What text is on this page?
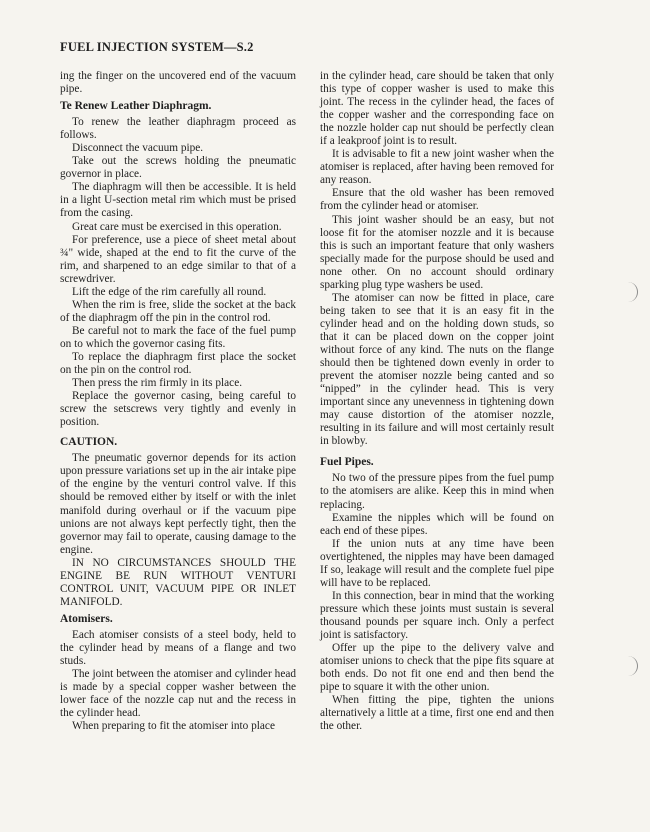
FUEL INJECTION SYSTEM—S.2

ing the finger on the uncovered end of the vacuum pipe.

Te Renew Leather Diaphragm.

To renew the leather diaphragm proceed as follows.

Disconnect the vacuum pipe.

Take out the screws holding the pneumatic governor in place.

The diaphragm will then be accessible. It is held in a light U-section metal rim which must be prised from the casing.

Great care must be exercised in this operation.

For preference, use a piece of sheet metal about ¾" wide, shaped at the end to fit the curve of the rim, and sharpened to an edge similar to that of a screwdriver.

Lift the edge of the rim carefully all round.

When the rim is free, slide the socket at the back of the diaphragm off the pin in the control rod.

Be careful not to mark the face of the fuel pump on to which the governor casing fits.

To replace the diaphragm first place the socket on the pin on the control rod.

Then press the rim firmly in its place.

Replace the governor casing, being careful to screw the setscrews very tightly and evenly in position.

CAUTION.

The pneumatic governor depends for its action upon pressure variations set up in the air intake pipe of the engine by the venturi control valve. If this should be removed either by itself or with the inlet manifold during overhaul or if the vacuum pipe unions are not always kept perfectly tight, then the governor may fail to operate, causing damage to the engine.

IN NO CIRCUMSTANCES SHOULD THE ENGINE BE RUN WITHOUT VENTURI CONTROL UNIT, VACUUM PIPE OR INLET MANIFOLD.

Atomisers.

Each atomiser consists of a steel body, held to the cylinder head by means of a flange and two studs.

The joint between the atomiser and cylinder head is made by a special copper washer between the lower face of the nozzle cap nut and the recess in the cylinder head.

When preparing to fit the atomiser into place

in the cylinder head, care should be taken that only this type of copper washer is used to make this joint. The recess in the cylinder head, the faces of the copper washer and the corresponding face on the nozzle holder cap nut should be perfectly clean if a leakproof joint is to result.

It is advisable to fit a new joint washer when the atomiser is replaced, after having been removed for any reason.

Ensure that the old washer has been removed from the cylinder head or atomiser.

This joint washer should be an easy, but not loose fit for the atomiser nozzle and it is because this is such an important feature that only washers specially made for the purpose should be used and none other. On no account should ordinary sparking plug type washers be used.

The atomiser can now be fitted in place, care being taken to see that it is an easy fit in the cylinder head and on the holding down studs, so that it can be placed down on the copper joint without force of any kind. The nuts on the flange should then be tightened down evenly in order to prevent the atomiser nozzle being canted and so “nipped” in the cylinder head. This is very important since any unevenness in tightening down may cause distortion of the atomiser nozzle, resulting in its failure and will most certainly result in blowby.

Fuel Pipes.

No two of the pressure pipes from the fuel pump to the atomisers are alike. Keep this in mind when replacing.

Examine the nipples which will be found on each end of these pipes.

If the union nuts at any time have been overtightened, the nipples may have been damaged If so, leakage will result and the complete fuel pipe will have to be replaced.

In this connection, bear in mind that the working pressure which these joints must sustain is several thousand pounds per square inch. Only a perfect joint is satisfactory.

Offer up the pipe to the delivery valve and atomiser unions to check that the pipe fits square at both ends. Do not fit one end and then bend the pipe to square it with the other union.

When fitting the pipe, tighten the unions alternatively a little at a time, first one end and then the other.
